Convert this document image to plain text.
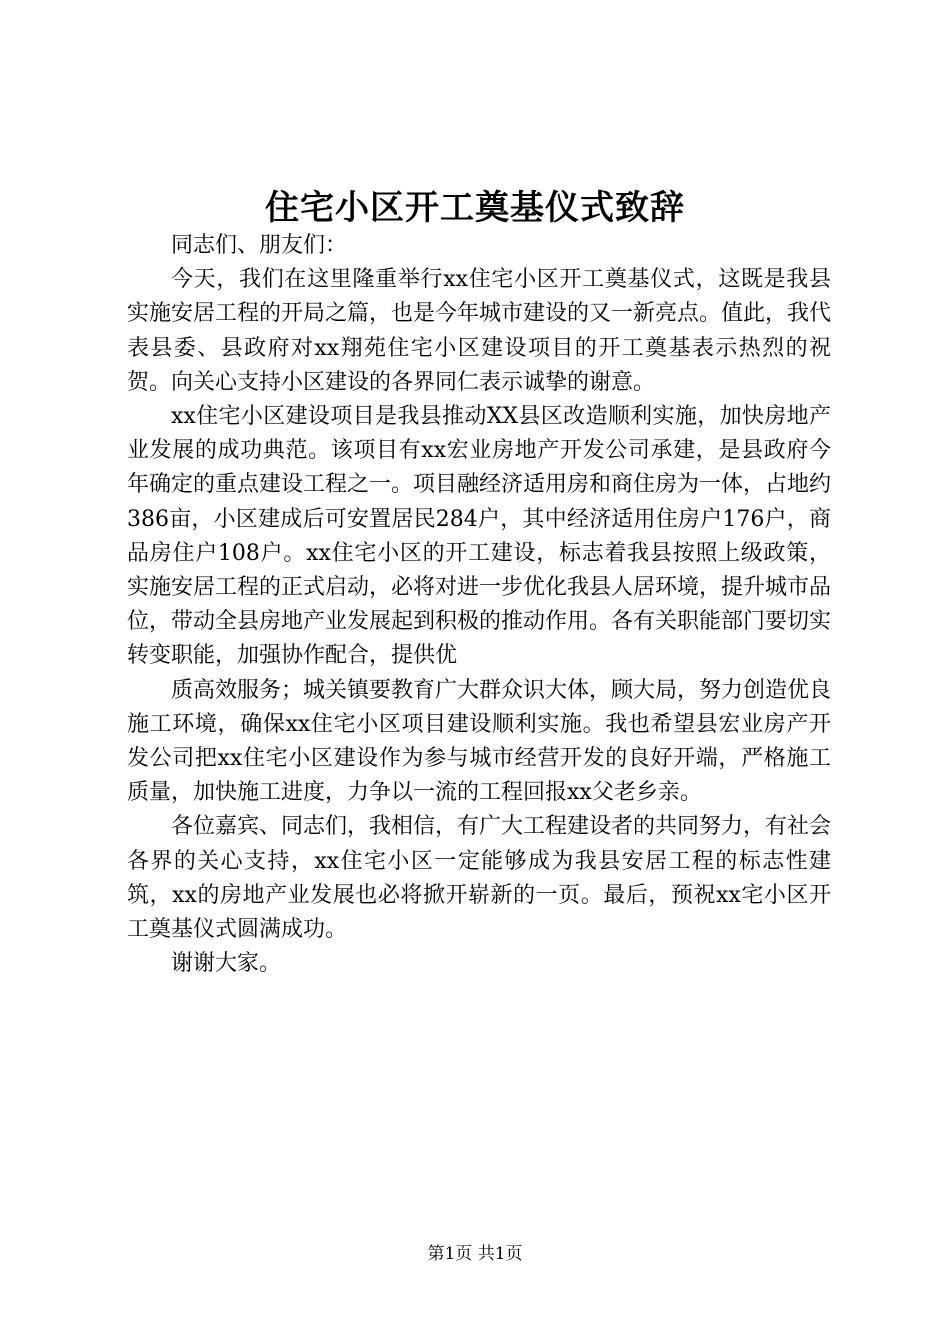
住宅小区开工奠基仪式致辞

同志们、朋友们：

今天，我们在这里隆重举行xx住宅小区开工奠基仪式，这既是我县实施安居工程的开局之篇，也是今年城市建设的又一新亮点。值此，我代表县委、县政府对xx翔苑住宅小区建设项目的开工奠基表示热烈的祝贺。向关心支持小区建设的各界同仁表示诚挚的谢意。

xx住宅小区建设项目是我县推动XX县区改造顺利实施，加快房地产业发展的成功典范。该项目有xx宏业房地产开发公司承建，是县政府今年确定的重点建设工程之一。项目融经济适用房和商住房为一体，占地约386亩，小区建成后可安置居民284户，其中经济适用住房户176户，商品房住户108户。xx住宅小区的开工建设，标志着我县按照上级政策，实施安居工程的正式启动，必将对进一步优化我县人居环境，提升城市品位，带动全县房地产业发展起到积极的推动作用。各有关职能部门要切实转变职能，加强协作配合，提供优

质高效服务；城关镇要教育广大群众识大体，顾大局，努力创造优良施工环境，确保xx住宅小区项目建设顺利实施。我也希望县宏业房产开发公司把xx住宅小区建设作为参与城市经营开发的良好开端，严格施工质量，加快施工进度，力争以一流的工程回报xx父老乡亲。

各位嘉宾、同志们，我相信，有广大工程建设者的共同努力，有社会各界的关心支持，xx住宅小区一定能够成为我县安居工程的标志性建筑，xx的房地产业发展也必将掀开崭新的一页。最后，预祝xx宅小区开工奠基仪式圆满成功。

谢谢大家。

第1页 共1页
